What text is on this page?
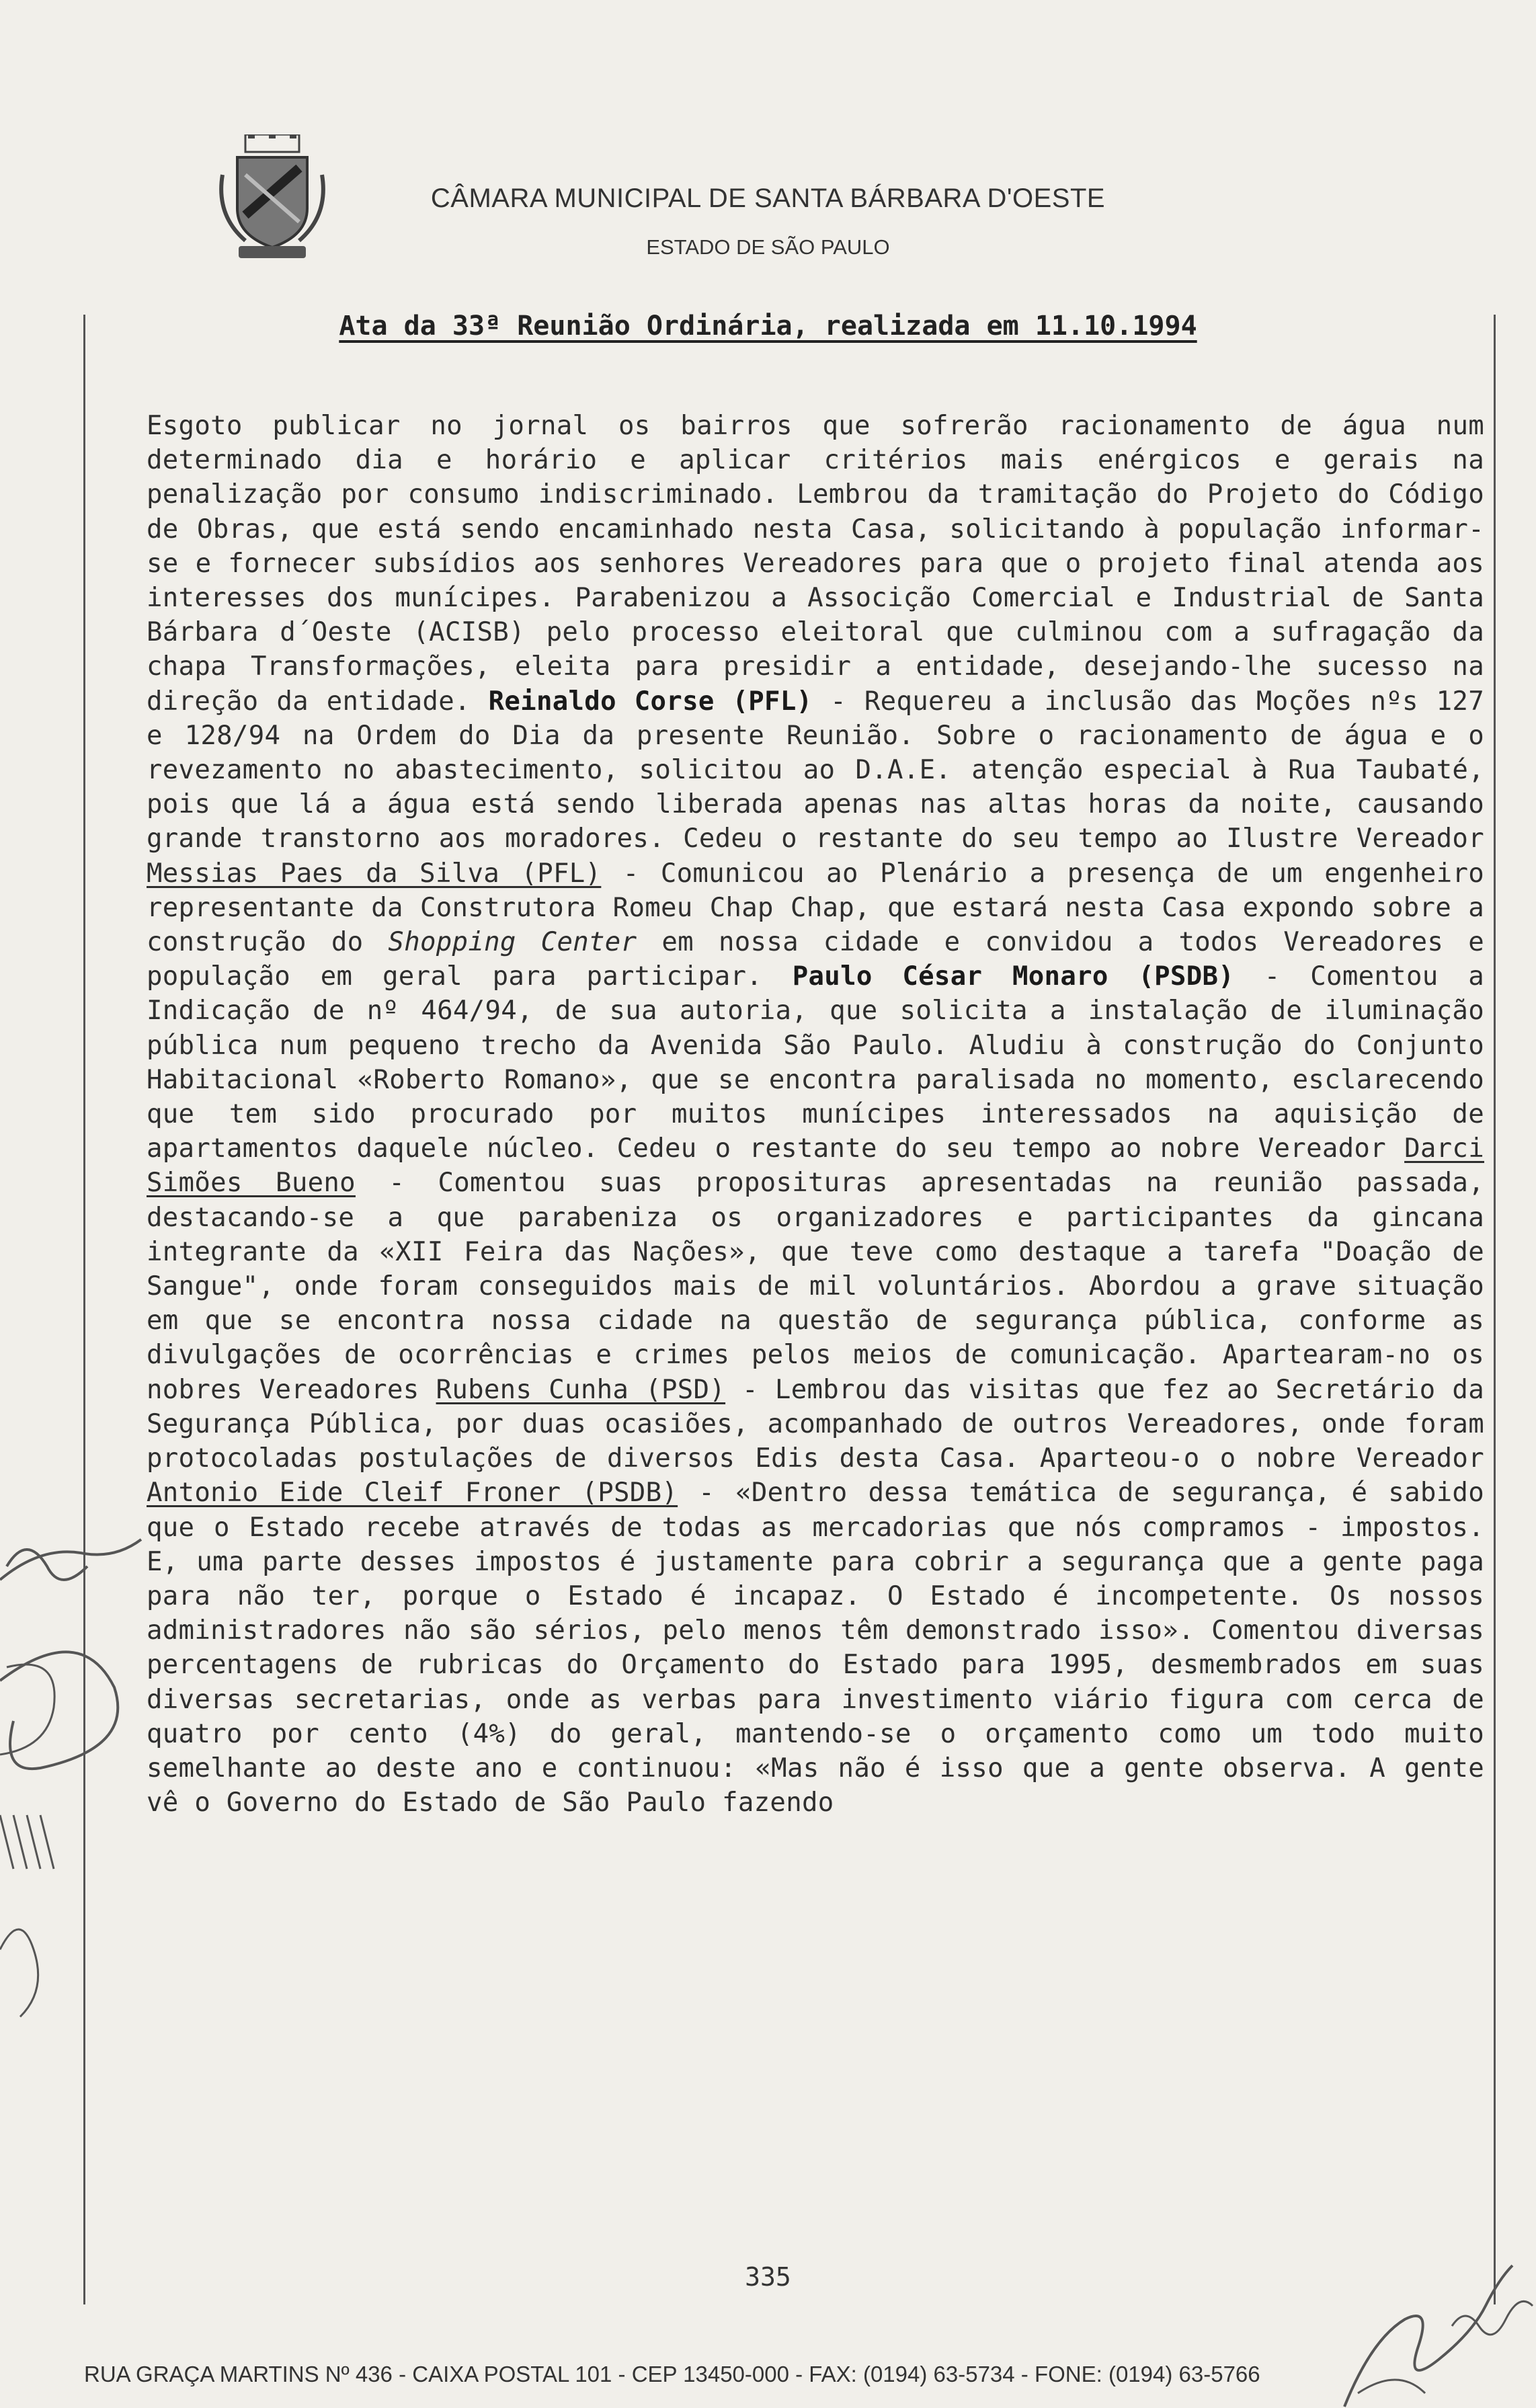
CÂMARA MUNICIPAL DE SANTA BÁRBARA D'OESTE
ESTADO DE SÃO PAULO
Ata da 33ª Reunião Ordinária, realizada em 11.10.1994
Esgoto publicar no jornal os bairros que sofrerão racionamento de água num determinado dia e horário e aplicar critérios mais enérgicos e gerais na penalização por consumo indiscriminado. Lembrou da tramitação do Projeto do Código de Obras, que está sendo encaminhado nesta Casa, solicitando à população informar-se e fornecer subsídios aos senhores Vereadores para que o projeto final atenda aos interesses dos munícipes. Parabenizou a Associção Comercial e Industrial de Santa Bárbara d´Oeste (ACISB) pelo processo eleitoral que culminou com a sufragação da chapa Transformações, eleita para presidir a entidade, desejando-lhe sucesso na direção da entidade. Reinaldo Corse (PFL) - Requereu a inclusão das Moções nºs 127 e 128/94 na Ordem do Dia da presente Reunião. Sobre o racionamento de água e o revezamento no abastecimento, solicitou ao D.A.E. atenção especial à Rua Taubaté, pois que lá a água está sendo liberada apenas nas altas horas da noite, causando grande transtorno aos moradores. Cedeu o restante do seu tempo ao Ilustre Vereador Messias Paes da Silva (PFL) - Comunicou ao Plenário a presença de um engenheiro representante da Construtora Romeu Chap Chap, que estará nesta Casa expondo sobre a construção do Shopping Center em nossa cidade e convidou a todos Vereadores e população em geral para participar. Paulo César Monaro (PSDB) - Comentou a Indicação de nº 464/94, de sua autoria, que solicita a instalação de iluminação pública num pequeno trecho da Avenida São Paulo. Aludiu à construção do Conjunto Habitacional «Roberto Romano», que se encontra paralisada no momento, esclarecendo que tem sido procurado por muitos munícipes interessados na aquisição de apartamentos daquele núcleo. Cedeu o restante do seu tempo ao nobre Vereador Darci Simões Bueno - Comentou suas proposituras apresentadas na reunião passada, destacando-se a que parabeniza os organizadores e participantes da gincana integrante da «XII Feira das Nações», que teve como destaque a tarefa "Doação de Sangue", onde foram conseguidos mais de mil voluntários. Abordou a grave situação em que se encontra nossa cidade na questão de segurança pública, conforme as divulgações de ocorrências e crimes pelos meios de comunicação. Apartearam-no os nobres Vereadores Rubens Cunha (PSD) - Lembrou das visitas que fez ao Secretário da Segurança Pública, por duas ocasiões, acompanhado de outros Vereadores, onde foram protocoladas postulações de diversos Edis desta Casa. Aparteou-o o nobre Vereador Antonio Eide Cleif Froner (PSDB) - «Dentro dessa temática de segurança, é sabido que o Estado recebe através de todas as mercadorias que nós compramos - impostos. E, uma parte desses impostos é justamente para cobrir a segurança que a gente paga para não ter, porque o Estado é incapaz. O Estado é incompetente. Os nossos administradores não são sérios, pelo menos têm demonstrado isso». Comentou diversas percentagens de rubricas do Orçamento do Estado para 1995, desmembrados em suas diversas secretarias, onde as verbas para investimento viário figura com cerca de quatro por cento (4%) do geral, mantendo-se o orçamento como um todo muito semelhante ao deste ano e continuou: «Mas não é isso que a gente observa. A gente vê o Governo do Estado de São Paulo fazendo
335
RUA GRAÇA MARTINS Nº 436 - CAIXA POSTAL 101 - CEP 13450-000 - FAX: (0194) 63-5734 - FONE: (0194) 63-5766
